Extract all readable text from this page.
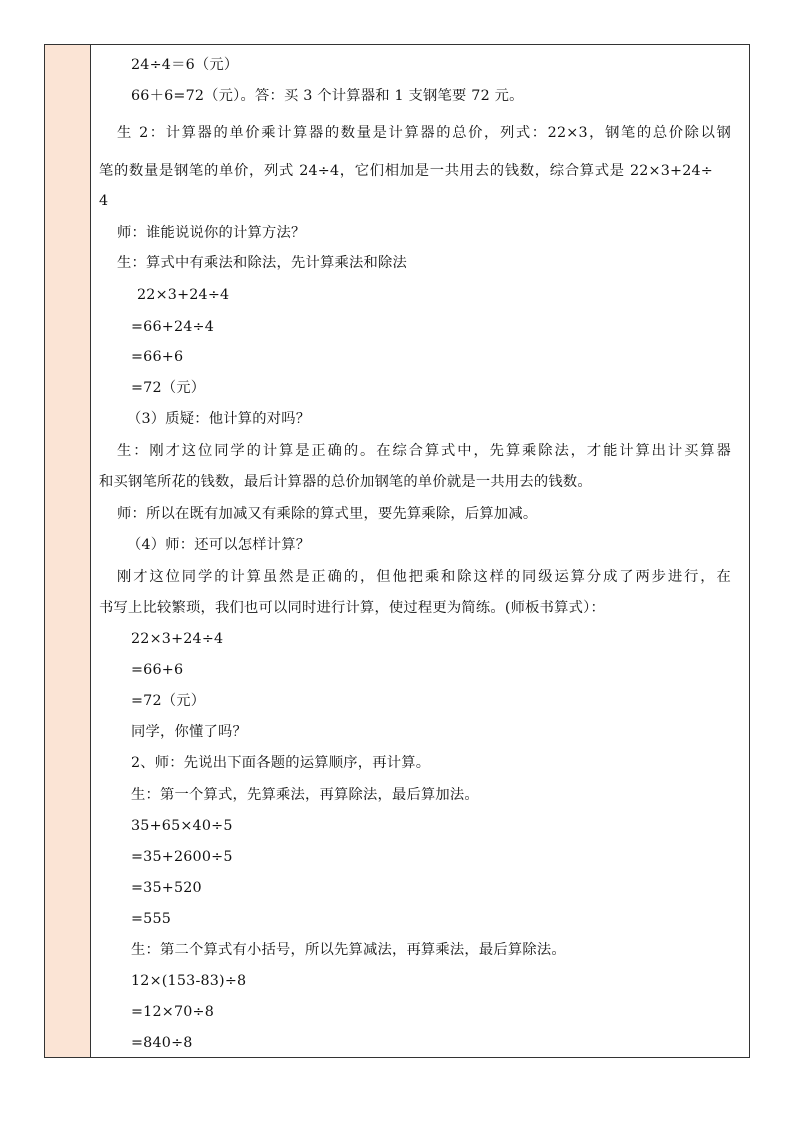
24÷4＝6（元）
66＋6=72（元）。答：买 3 个计算器和 1 支钢笔要 72 元。
生 2：计算器的单价乘计算器的数量是计算器的总价，列式：22×3，钢笔的总价除以钢
笔的数量是钢笔的单价，列式 24÷4，它们相加是一共用去的钱数，综合算式是 22×3+24÷
4
师：谁能说说你的计算方法？
生：算式中有乘法和除法，先计算乘法和除法
22×3+24÷4
=66+24÷4
=66+6
=72（元）
（3）质疑：他计算的对吗？
生：刚才这位同学的计算是正确的。在综合算式中，先算乘除法，才能计算出计买算器
和买钢笔所花的钱数，最后计算器的总价加钢笔的单价就是一共用去的钱数。
师：所以在既有加减又有乘除的算式里，要先算乘除，后算加减。
（4）师：还可以怎样计算？
刚才这位同学的计算虽然是正确的，但他把乘和除这样的同级运算分成了两步进行，在
书写上比较繁琐，我们也可以同时进行计算，使过程更为简练。(师板书算式）：
22×3+24÷4
=66+6
=72（元）
同学，你懂了吗？
2、师：先说出下面各题的运算顺序，再计算。
生：第一个算式，先算乘法，再算除法，最后算加法。
35+65×40÷5
=35+2600÷5
=35+520
=555
生：第二个算式有小括号，所以先算减法，再算乘法，最后算除法。
12×(153-83)÷8
=12×70÷8
=840÷8
